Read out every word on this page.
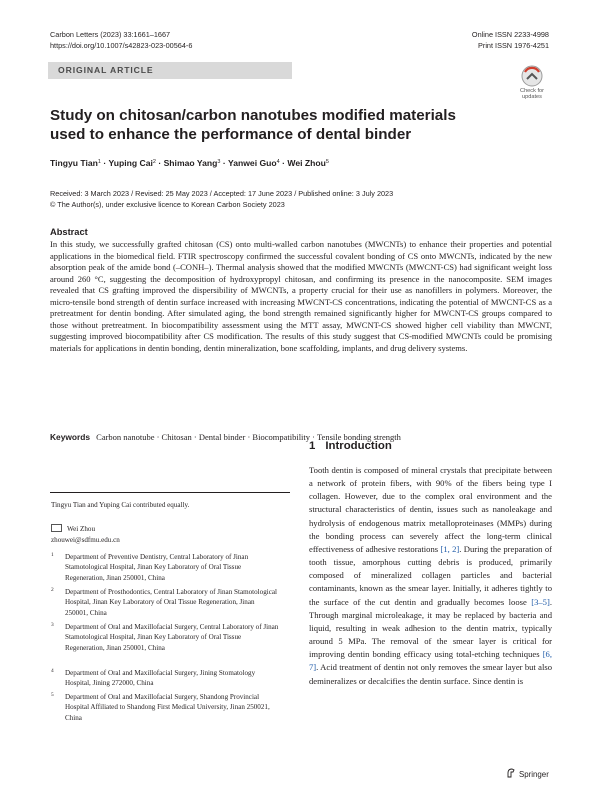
Carbon Letters (2023) 33:1661–1667
https://doi.org/10.1007/s42823-023-00564-6
Online ISSN 2233-4998
Print ISSN 1976-4251
ORIGINAL ARTICLE
Check for
updates
Study on chitosan/carbon nanotubes modified materials used to enhance the performance of dental binder
Tingyu Tian$^1$ · Yuping Cai$^2$ · Shimao Yang$^3$ · Yanwei Guo$^4$ · Wei Zhou$^5$
Received: 3 March 2023 / Revised: 25 May 2023 / Accepted: 17 June 2023 / Published online: 3 July 2023
© The Author(s), under exclusive licence to Korean Carbon Society 2023
Abstract
In this study, we successfully grafted chitosan (CS) onto multi-walled carbon nanotubes (MWCNTs) to enhance their properties and potential applications in the biomedical field. FTIR spectroscopy confirmed the successful covalent bonding of CS onto MWCNTs, indicated by the new absorption peak of the amide bond (–CONH–). Thermal analysis showed that the modified MWCNTs (MWCNT-CS) had significant weight loss around 260 °C, suggesting the decomposition of hydroxypropyl chitosan, and confirming its presence in the nanocomposite. SEM images revealed that CS grafting improved the dispersibility of MWCNTs, a property crucial for their use as nanofillers in polymers. Moreover, the micro-tensile bond strength of dentin surface increased with increasing MWCNT-CS concentrations, indicating the potential of MWCNT-CS as a pretreatment for dentin bonding. After simulated aging, the bond strength remained significantly higher for MWCNT-CS groups compared to those without pretreatment. In biocompatibility assessment using the MTT assay, MWCNT-CS showed higher cell viability than MWCNT, suggesting improved biocompatibility after CS modification. The results of this study suggest that CS-modified MWCNTs could be promising materials for applications in dentin bonding, dentin mineralization, bone scaffolding, implants, and drug delivery systems.
Keywords Carbon nanotube · Chitosan · Dental binder · Biocompatibility · Tensile bonding strength
1 Introduction
Tooth dentin is composed of mineral crystals that precipitate between a network of protein fibers, with 90% of the fibers being type I collagen. However, due to the complex oral environment and the structural characteristics of dentin, issues such as nanoleakage and hydrolysis of endogenous matrix metalloproteinases (MMPs) during the bonding process can severely affect the long-term clinical effectiveness of adhesive restorations [1, 2]. During the preparation of tooth tissue, amorphous cutting debris is produced, primarily composed of mineralized collagen particles and bacterial contaminants, known as the smear layer. Initially, it adheres tightly to the surface of the cut dentin and gradually becomes loose [3–5]. Through marginal microleakage, it may be replaced by bacteria and liquid, resulting in weak adhesion to the dentin matrix, typically around 5 MPa. The removal of the smear layer is critical for improving dentin bonding efficacy using total-etching techniques [6, 7]. Acid treatment of dentin not only removes the smear layer but also demineralizes or decalcifies the dentin surface. Since dentin is
Tingyu Tian and Yuping Cai contributed equally.
Wei Zhou
zhouwei@sdfmu.edu.cn
1 Department of Preventive Dentistry, Central Laboratory of Jinan Stamotological Hospital, Jinan Key Laboratory of Oral Tissue Regeneration, Jinan 250001, China
2 Department of Prosthodontics, Central Laboratory of Jinan Stamotological Hospital, Jinan Key Laboratory of Oral Tissue Regeneration, Jinan 250001, China
3 Department of Oral and Maxillofacial Surgery, Central Laboratory of Jinan Stamotological Hospital, Jinan Key Laboratory of Oral Tissue Regeneration, Jinan 250001, China
4 Department of Oral and Maxillofacial Surgery, Jining Stomatology Hospital, Jining 272000, China
5 Department of Oral and Maxillofacial Surgery, Shandong Provincial Hospital Affiliated to Shandong First Medical University, Jinan 250021, China
Springer
